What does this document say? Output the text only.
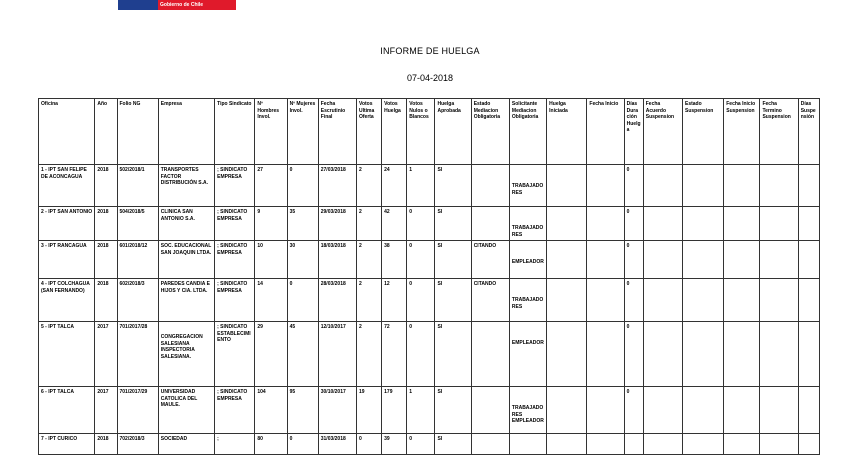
Gobierno de Chile
INFORME DE HUELGA
07-04-2018
Oficina	Año	Folio NG	Empresa	Tipo Sindicato	Nº Hombres Invol.	Nº Mujeres Invol.	Fecha Escrutinio Final	Votos Ultima Oferta	Votos Huelga	Votos Nulos o Blancos	Huelga Aprobada	Estado Mediacion Obligatoria	Solicitante Mediacion Obligatoria	Huelga Iniciada	Fecha Inicio	Días Duración Huelga	Fecha Acuerdo Suspension	Estado Suspension	Fecha Inicio Suspension	Fecha Termino Suspension	Días Suspensión
1 - IPT SAN FELIPE DE ACONCAGUA	2018	502/2018/1	TRANSPORTES FACTOR DISTRIBUCIÓN S.A.	; SINDICATO EMPRESA	27	0	27/03/2018	2	24	1	SI		TRABAJADORES			0					
2 - IPT SAN ANTONIO	2018	504/2018/5	CLINICA SAN ANTONIO S.A.	; SINDICATO EMPRESA	9	35	29/03/2018	2	42	0	SI		TRABAJADORES			0					
3 - IPT RANCAGUA	2018	601/2018/12	SOC. EDUCACIONAL SAN JOAQUIN LTDA.	; SINDICATO EMPRESA	10	30	18/03/2018	2	38	0	SI	CITANDO	EMPLEADOR			0					
4 - IPT COLCHAGUA (SAN FERNANDO)	2018	602/2018/3	PAREDES CANDIA E HIJOS Y CIA. LTDA.	; SINDICATO EMPRESA	14	0	28/03/2018	2	12	0	SI	CITANDO	TRABAJADORES			0					
5 - IPT TALCA	2017	701/2017/28	CONGREGACION SALESIANA INSPECTORIA SALESIANA.	; SINDICATO ESTABLECIMIENTO	29	45	12/10/2017	2	72	0	SI		EMPLEADOR			0					
6 - IPT TALCA	2017	701/2017/29	UNIVERSIDAD CATOLICA DEL MAULE.	; SINDICATO EMPRESA	104	95	30/10/2017	19	179	1	SI		TRABAJADORES EMPLEADOR			0					
7 - IPT CURICO	2018	702/2018/3	SOCIEDAD	;	80	0	31/03/2018	0	39	0	SI		
